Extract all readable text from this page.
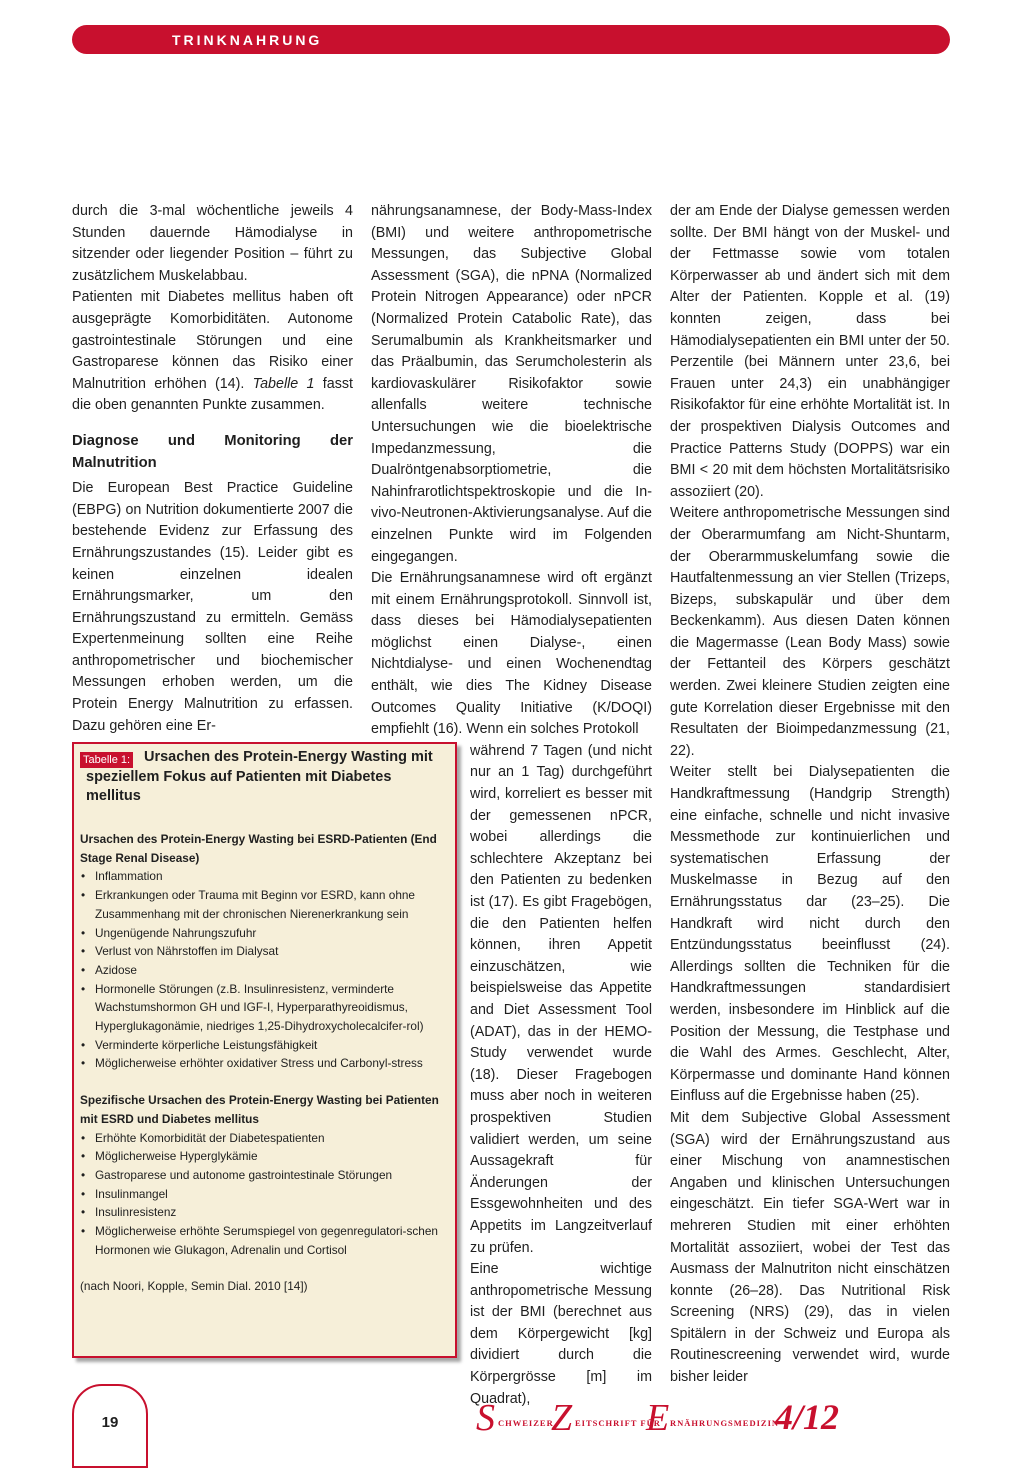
TRINKNAHRUNG

durch die 3-mal wöchentliche jeweils 4 Stunden dauernde Hämodialyse in sitzender oder liegender Position – führt zu zusätzlichem Muskelabbau.

Patienten mit Diabetes mellitus haben oft ausgeprägte Komorbiditäten. Autonome gastrointestinale Störungen und eine Gastroparese können das Risiko einer Malnutrition erhöhen (14). Tabelle 1 fasst die oben genannten Punkte zusammen.

Diagnose und Monitoring der Malnutrition

Die European Best Practice Guideline (EBPG) on Nutrition dokumentierte 2007 die bestehende Evidenz zur Erfassung des Ernährungszustandes (15). Leider gibt es keinen einzelnen idealen Ernährungsmarker, um den Ernährungszustand zu ermitteln. Gemäss Expertenmeinung sollten eine Reihe anthropometrischer und biochemischer Messungen erhoben werden, um die Protein Energy Malnutrition zu erfassen. Dazu gehören eine Er-

nährungsanamnese, der Body-Mass-Index (BMI) und weitere anthropometrische Messungen, das Subjective Global Assessment (SGA), die nPNA (Normalized Protein Nitrogen Appearance) oder nPCR (Normalized Protein Catabolic Rate), das Serumalbumin als Krankheitsmarker und das Präalbumin, das Serumcholesterin als kardiovaskulärer Risikofaktor sowie allenfalls weitere technische Untersuchungen wie die bioelektrische Impedanzmessung, die Dualröntgenabsorptiometrie, die Nahinfrarotlichtspektroskopie und die In-vivo-Neutronen-Aktivierungsanalyse. Auf die einzelnen Punkte wird im Folgenden eingegangen.

Die Ernährungsanamnese wird oft ergänzt mit einem Ernährungsprotokoll. Sinnvoll ist, dass dieses bei Hämodialysepatienten möglichst einen Dialyse-, einen Nichtdialyse- und einen Wochenendtag enthält, wie dies The Kidney Disease Outcomes Quality Initiative (K/DOQI) empfiehlt (16). Wenn ein solches Protokoll

während 7 Tagen (und nicht nur an 1 Tag) durchgeführt wird, korreliert es besser mit der gemessenen nPCR, wobei allerdings die schlechtere Akzeptanz bei den Patienten zu bedenken ist (17). Es gibt Fragebögen, die den Patienten helfen können, ihren Appetit einzuschätzen, wie beispielsweise das Appetite and Diet Assessment Tool (ADAT), das in der HEMO-Study verwendet wurde (18). Dieser Fragebogen muss aber noch in weiteren prospektiven Studien validiert werden, um seine Aussagekraft für Änderungen der Essgewohnheiten und des Appetits im Langzeitverlauf zu prüfen.

Eine wichtige anthropometrische Messung ist der BMI (berechnet aus dem Körpergewicht [kg] dividiert durch die Körpergrösse [m] im Quadrat),

der am Ende der Dialyse gemessen werden sollte. Der BMI hängt von der Muskel- und der Fettmasse sowie vom totalen Körperwasser ab und ändert sich mit dem Alter der Patienten. Kopple et al. (19) konnten zeigen, dass bei Hämodialysepatienten ein BMI unter der 50. Perzentile (bei Männern unter 23,6, bei Frauen unter 24,3) ein unabhängiger Risikofaktor für eine erhöhte Mortalität ist. In der prospektiven Dialysis Outcomes and Practice Patterns Study (DOPPS) war ein BMI < 20 mit dem höchsten Mortalitätsrisiko assoziiert (20).

Weitere anthropometrische Messungen sind der Oberarmumfang am Nicht-Shuntarm, der Oberarmmuskelumfang sowie die Hautfaltenmessung an vier Stellen (Trizeps, Bizeps, subskapulär und über dem Beckenkamm). Aus diesen Daten können die Magermasse (Lean Body Mass) sowie der Fettanteil des Körpers geschätzt werden. Zwei kleinere Studien zeigten eine gute Korrelation dieser Ergebnisse mit den Resultaten der Bioimpedanzmessung (21, 22).

Weiter stellt bei Dialysepatienten die Handkraftmessung (Handgrip Strength) eine einfache, schnelle und nicht invasive Messmethode zur kontinuierlichen und systematischen Erfassung der Muskelmasse in Bezug auf den Ernährungsstatus dar (23–25). Die Handkraft wird nicht durch den Entzündungsstatus beeinflusst (24). Allerdings sollten die Techniken für die Handkraftmessungen standardisiert werden, insbesondere im Hinblick auf die Position der Messung, die Testphase und die Wahl des Armes. Geschlecht, Alter, Körpermasse und dominante Hand können Einfluss auf die Ergebnisse haben (25).

Mit dem Subjective Global Assessment (SGA) wird der Ernährungszustand aus einer Mischung von anamnestischen Angaben und klinischen Untersuchungen eingeschätzt. Ein tiefer SGA-Wert war in mehreren Studien mit einer erhöhten Mortalität assoziiert, wobei der Test das Ausmass der Malnutriton nicht einschätzen konnte (26–28). Das Nutritional Risk Screening (NRS) (29), das in vielen Spitälern in der Schweiz und Europa als Routinescreening verwendet wird, wurde bisher leider

Tabelle 1: Ursachen des Protein-Energy Wasting mit speziellem Fokus auf Patienten mit Diabetes mellitus
Ursachen des Protein-Energy Wasting bei ESRD-Patienten (End Stage Renal Disease)
• Inflammation
• Erkrankungen oder Trauma mit Beginn vor ESRD, kann ohne Zusammenhang mit der chronischen Nierenerkrankung sein
• Ungenügende Nahrungszufuhr
• Verlust von Nährstoffen im Dialysat
• Azidose
• Hormonelle Störungen (z.B. Insulinresistenz, verminderte Wachstumshormon GH und IGF-I, Hyperparathyreoidismus, Hyperglukagonämie, niedriges 1,25-Dihydroxycholecalcifer-rol)
• Verminderte körperliche Leistungsfähigkeit
• Möglicherweise erhöhter oxidativer Stress und Carbonyl-stress
Spezifische Ursachen des Protein-Energy Wasting bei Patienten mit ESRD und Diabetes mellitus
• Erhöhte Komorbidität der Diabetespatienten
• Möglicherweise Hyperglykämie
• Gastroparese und autonome gastrointestinale Störungen
• Insulinmangel
• Insulinresistenz
• Möglicherweise erhöhte Serumspiegel von gegenregulatori-schen Hormonen wie Glukagon, Adrenalin und Cortisol
(nach Noori, Kopple, Semin Dial. 2010 [14])
19	S CHWEIZER
Z EITSCHRIFT FÜR
E RNÄHRUNGSMEDIZIN
4/12
